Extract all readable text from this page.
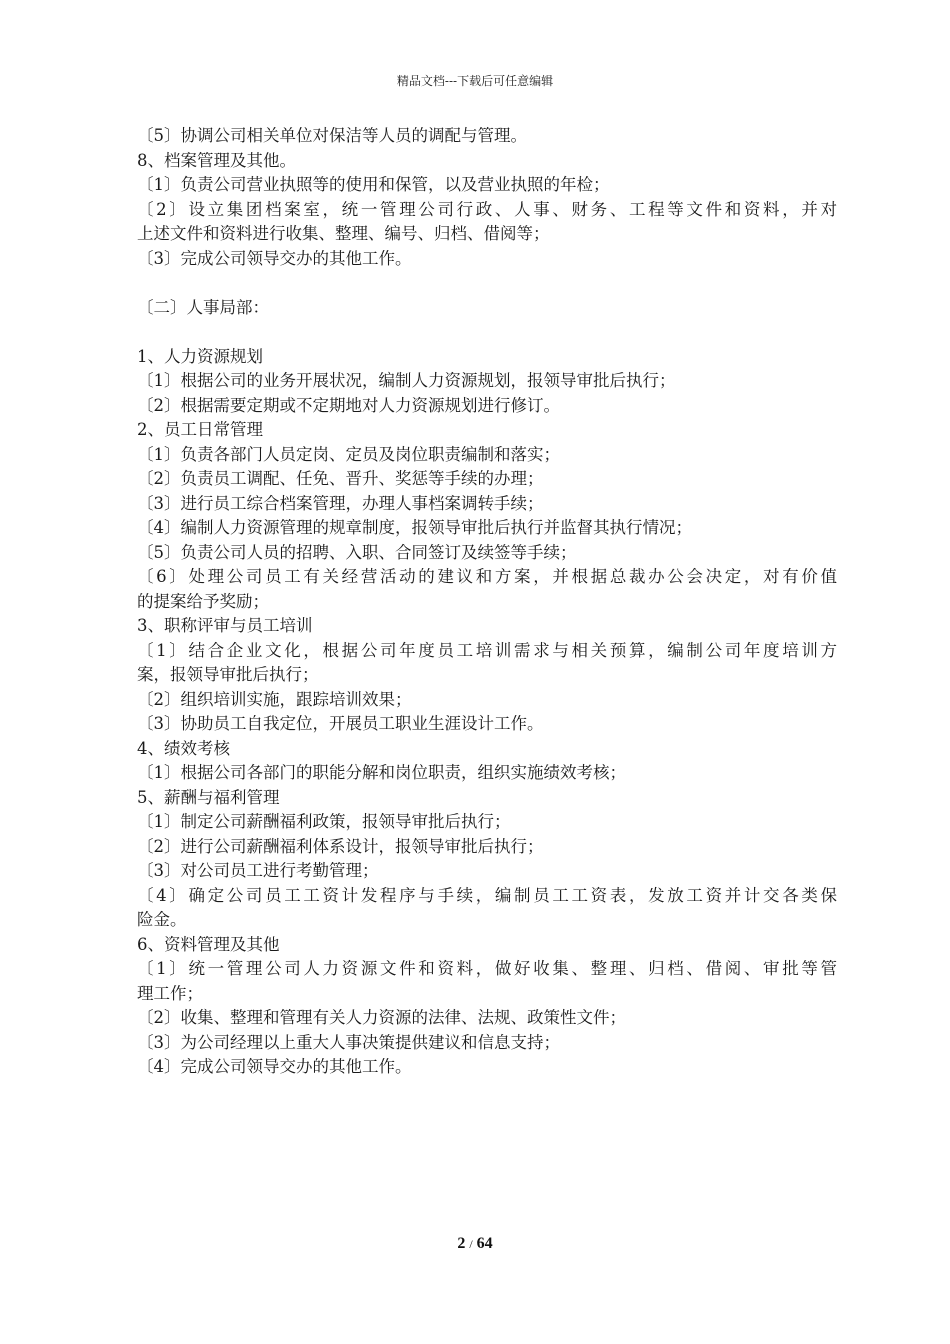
精品文档---下载后可任意编辑
〔5〕协调公司相关单位对保洁等人员的调配与管理。
8、档案管理及其他。
〔1〕负责公司营业执照等的使用和保管，以及营业执照的年检；
〔2〕设立集团档案室，统一管理公司行政、人事、财务、工程等文件和资料，并对
上述文件和资料进行收集、整理、编号、归档、借阅等；
〔3〕完成公司领导交办的其他工作。
〔二〕人事局部：
1、人力资源规划
〔1〕根据公司的业务开展状况，编制人力资源规划，报领导审批后执行；
〔2〕根据需要定期或不定期地对人力资源规划进行修订。
2、员工日常管理
〔1〕负责各部门人员定岗、定员及岗位职责编制和落实；
〔2〕负责员工调配、任免、晋升、奖惩等手续的办理；
〔3〕进行员工综合档案管理，办理人事档案调转手续；
〔4〕编制人力资源管理的规章制度，报领导审批后执行并监督其执行情况；
〔5〕负责公司人员的招聘、入职、合同签订及续签等手续；
〔6〕处理公司员工有关经营活动的建议和方案，并根据总裁办公会决定，对有价值
的提案给予奖励；
3、职称评审与员工培训
〔1〕结合企业文化，根据公司年度员工培训需求与相关预算，编制公司年度培训方
案，报领导审批后执行；
〔2〕组织培训实施，跟踪培训效果；
〔3〕协助员工自我定位，开展员工职业生涯设计工作。
4、绩效考核
〔1〕根据公司各部门的职能分解和岗位职责，组织实施绩效考核；
5、薪酬与福利管理
〔1〕制定公司薪酬福利政策，报领导审批后执行；
〔2〕进行公司薪酬福利体系设计，报领导审批后执行；
〔3〕对公司员工进行考勤管理；
〔4〕确定公司员工工资计发程序与手续，编制员工工资表，发放工资并计交各类保
险金。
6、资料管理及其他
〔1〕统一管理公司人力资源文件和资料，做好收集、整理、归档、借阅、审批等管
理工作；
〔2〕收集、整理和管理有关人力资源的法律、法规、政策性文件；
〔3〕为公司经理以上重大人事决策提供建议和信息支持；
〔4〕完成公司领导交办的其他工作。
2 / 64
